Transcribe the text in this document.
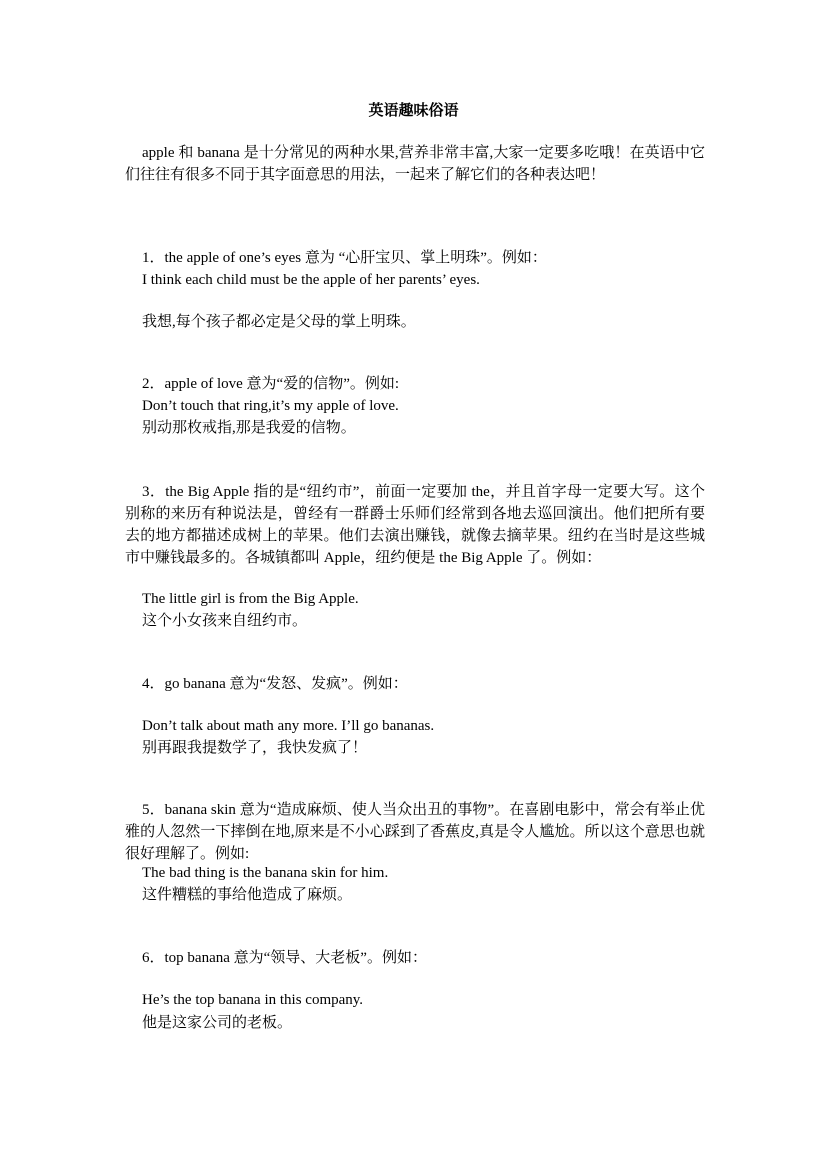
英语趣味俗语
apple 和 banana 是十分常见的两种水果,营养非常丰富,大家一定要多吃哦！在英语中它们往往有很多不同于其字面意思的用法，一起来了解它们的各种表达吧！
1．the apple of one’s eyes 意为 “心肝宝贝、掌上明珠”。例如：
I think each child must be the apple of her parents’ eyes.
我想,每个孩子都必定是父母的掌上明珠。
2．apple of love 意为“爱的信物”。例如:
Don’t touch that ring,it’s my apple of love.
别动那枚戒指,那是我爱的信物。
3．the Big Apple 指的是“纽约市”，前面一定要加 the，并且首字母一定要大写。这个别称的来历有种说法是，曾经有一群爵士乐师们经常到各地去巡回演出。他们把所有要去的地方都描述成树上的苹果。他们去演出赚钱，就像去摘苹果。纽约在当时是这些城市中赚钱最多的。各城镇都叫 Apple，纽约便是 the Big Apple 了。例如：
The little girl is from the Big Apple.
这个小女孩来自纽约市。
4．go banana 意为“发怒、发疯”。例如：
Don’t talk about math any more. I’ll go bananas.
别再跟我提数学了，我快发疯了！
5．banana skin 意为“造成麻烦、使人当众出丑的事物”。在喜剧电影中，常会有举止优雅的人忽然一下摔倒在地,原来是不小心踩到了香蕉皮,真是令人尴尬。所以这个意思也就很好理解了。例如:
The bad thing is the banana skin for him.
这件糟糕的事给他造成了麻烦。
6．top banana 意为“领导、大老板”。例如：
He’s the top banana in this company.
他是这家公司的老板。
